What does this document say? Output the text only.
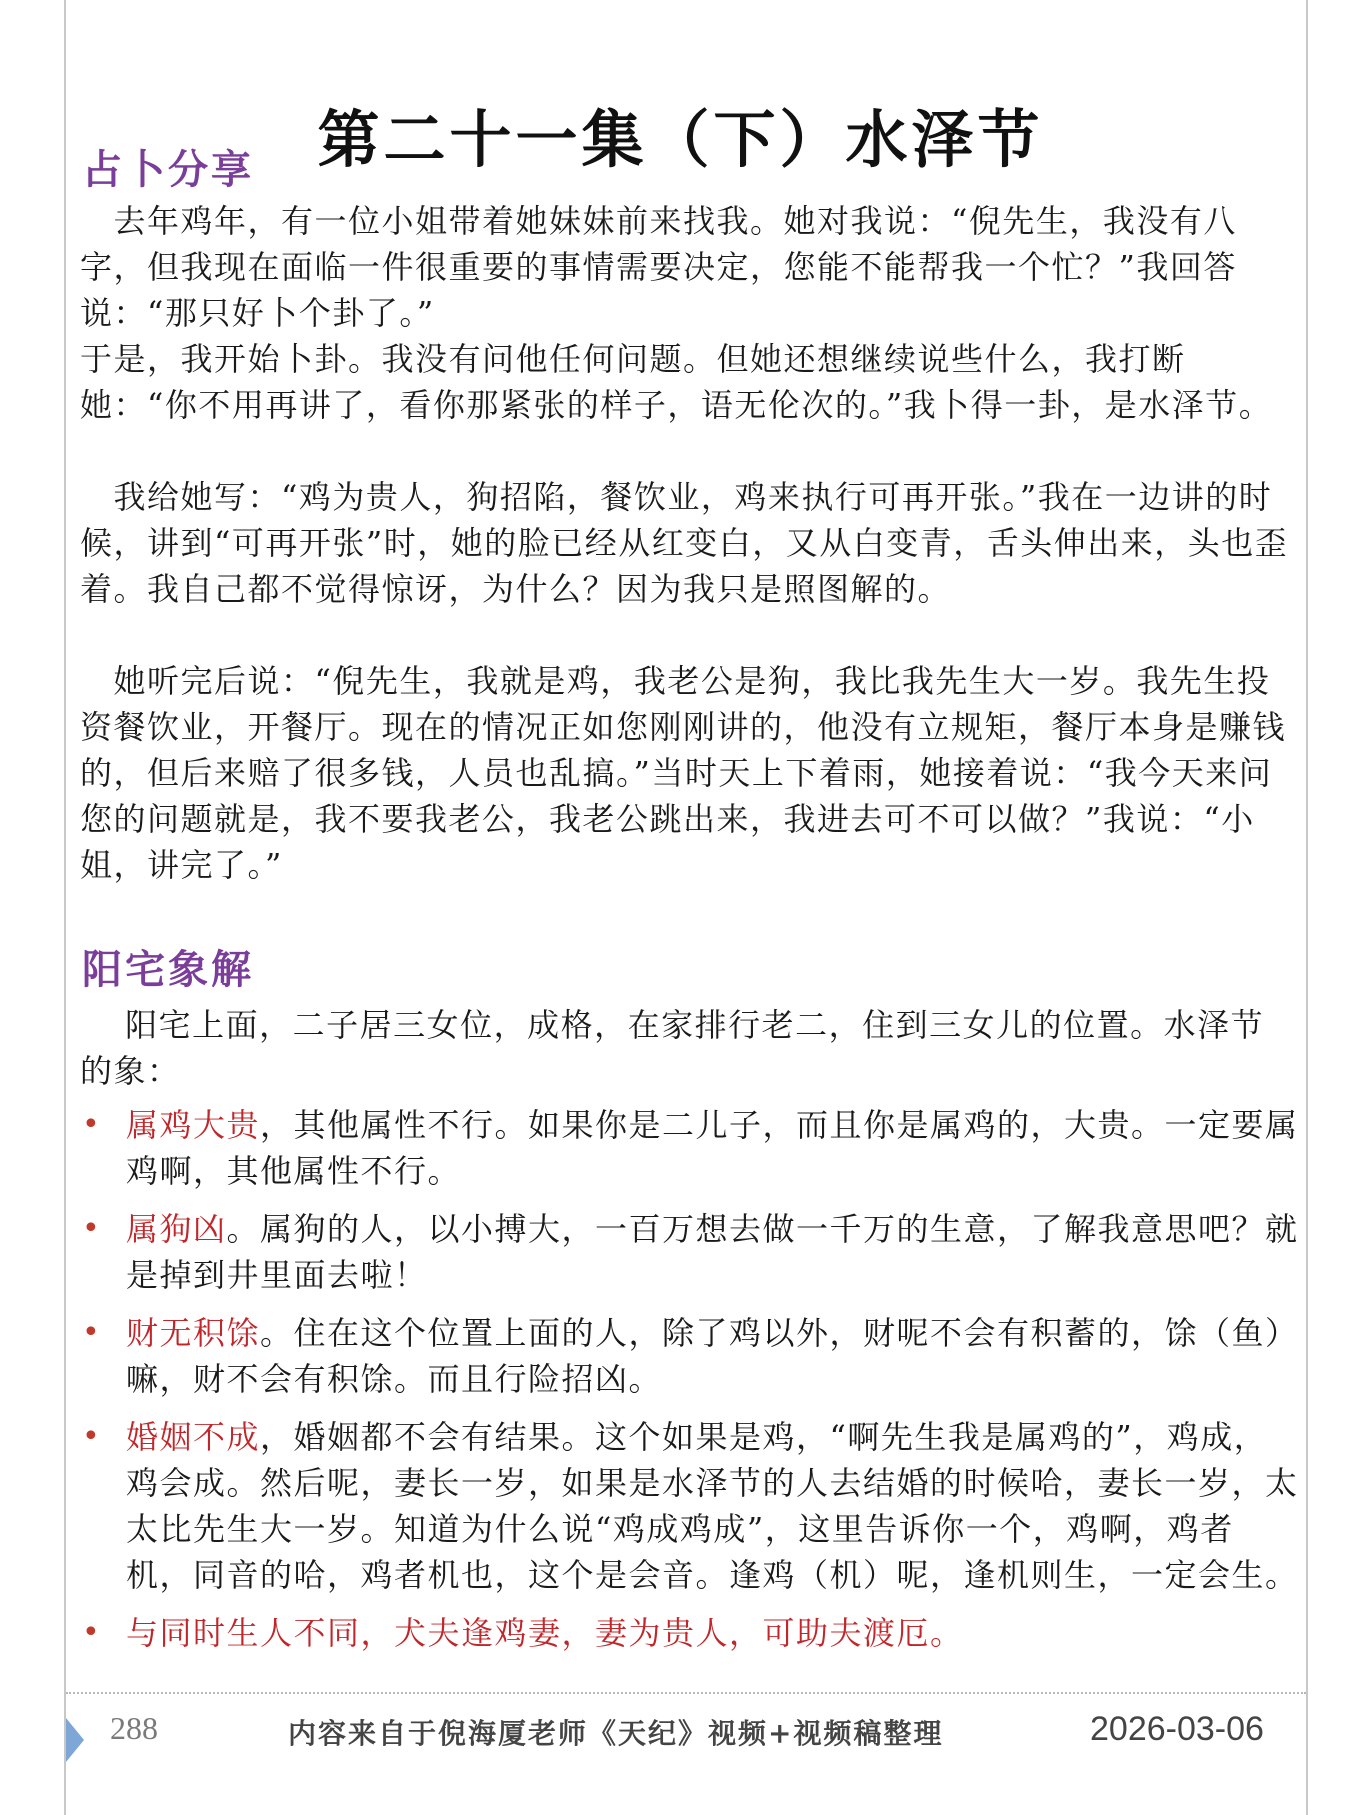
第二十一集（下）水泽节
占卜分享

　去年鸡年，有一位小姐带着她妹妹前来找我。她对我说：“倪先生，我没有八字，但我现在面临一件很重要的事情需要决定，您能不能帮我一个忙？”我回答说：“那只好卜个卦了。”

于是，我开始卜卦。我没有问他任何问题。但她还想继续说些什么，我打断她：“你不用再讲了，看你那紧张的样子，语无伦次的。”我卜得一卦，是水泽节。

　我给她写：“鸡为贵人，狗招陷，餐饮业，鸡来执行可再开张。”我在一边讲的时候，讲到“可再开张”时，她的脸已经从红变白，又从白变青，舌头伸出来，头也歪着。我自己都不觉得惊讶，为什么？因为我只是照图解的。

　她听完后说：“倪先生，我就是鸡，我老公是狗，我比我先生大一岁。我先生投资餐饮业，开餐厅。现在的情况正如您刚刚讲的，他没有立规矩，餐厅本身是赚钱的，但后来赔了很多钱，人员也乱搞。”当时天上下着雨，她接着说：“我今天来问您的问题就是，我不要我老公，我老公跳出来，我进去可不可以做？”我说：“小姐，讲完了。”

阳宅象解

　 阳宅上面，二子居三女位，成格，在家排行老二，住到三女儿的位置。水泽节的象：

• 属鸡大贵，其他属性不行。如果你是二儿子，而且你是属鸡的，大贵。一定要属鸡啊，其他属性不行。
• 属狗凶。属狗的人，以小搏大，一百万想去做一千万的生意，了解我意思吧？就是掉到井里面去啦！
• 财无积馀。住在这个位置上面的人，除了鸡以外，财呢不会有积蓄的，馀（鱼）嘛，财不会有积馀。而且行险招凶。
• 婚姻不成，婚姻都不会有结果。这个如果是鸡，“啊先生我是属鸡的”，鸡成，鸡会成。然后呢，妻长一岁，如果是水泽节的人去结婚的时候哈，妻长一岁，太太比先生大一岁。知道为什么说“鸡成鸡成”，这里告诉你一个，鸡啊，鸡者机，同音的哈，鸡者机也，这个是会音。逢鸡（机）呢，逢机则生，一定会生。
• 与同时生人不同，犬夫逢鸡妻，妻为贵人，可助夫渡厄。
288	内容来自于倪海厦老师《天纪》视频+视频稿整理	2026-03-06
